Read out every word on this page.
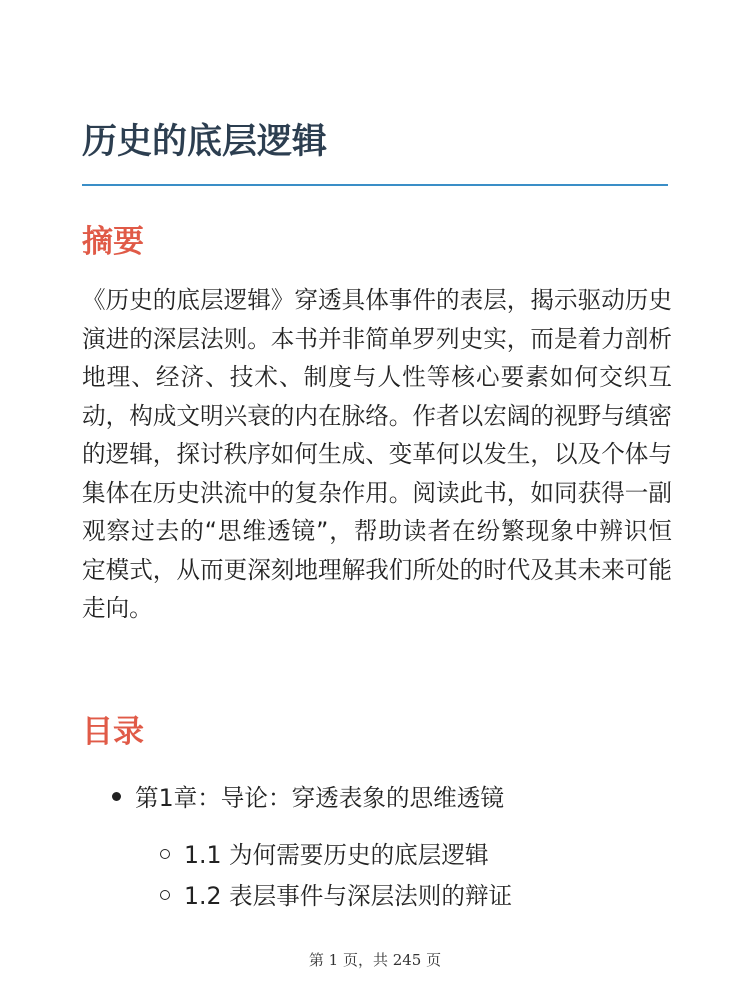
历史的底层逻辑
摘要

《历史的底层逻辑》穿透具体事件的表层，揭示驱动历史演进的深层法则。本书并非简单罗列史实，而是着力剖析地理、经济、技术、制度与人性等核心要素如何交织互动，构成文明兴衰的内在脉络。作者以宏阔的视野与缜密的逻辑，探讨秩序如何生成、变革何以发生，以及个体与集体在历史洪流中的复杂作用。阅读此书，如同获得一副观察过去的“思维透镜”，帮助读者在纷繁现象中辨识恒定模式，从而更深刻地理解我们所处的时代及其未来可能走向。

目录
第1章：导论：穿透表象的思维透镜
1.1 为何需要历史的底层逻辑
1.2 表层事件与深层法则的辩证
第 1 页，共 245 页
